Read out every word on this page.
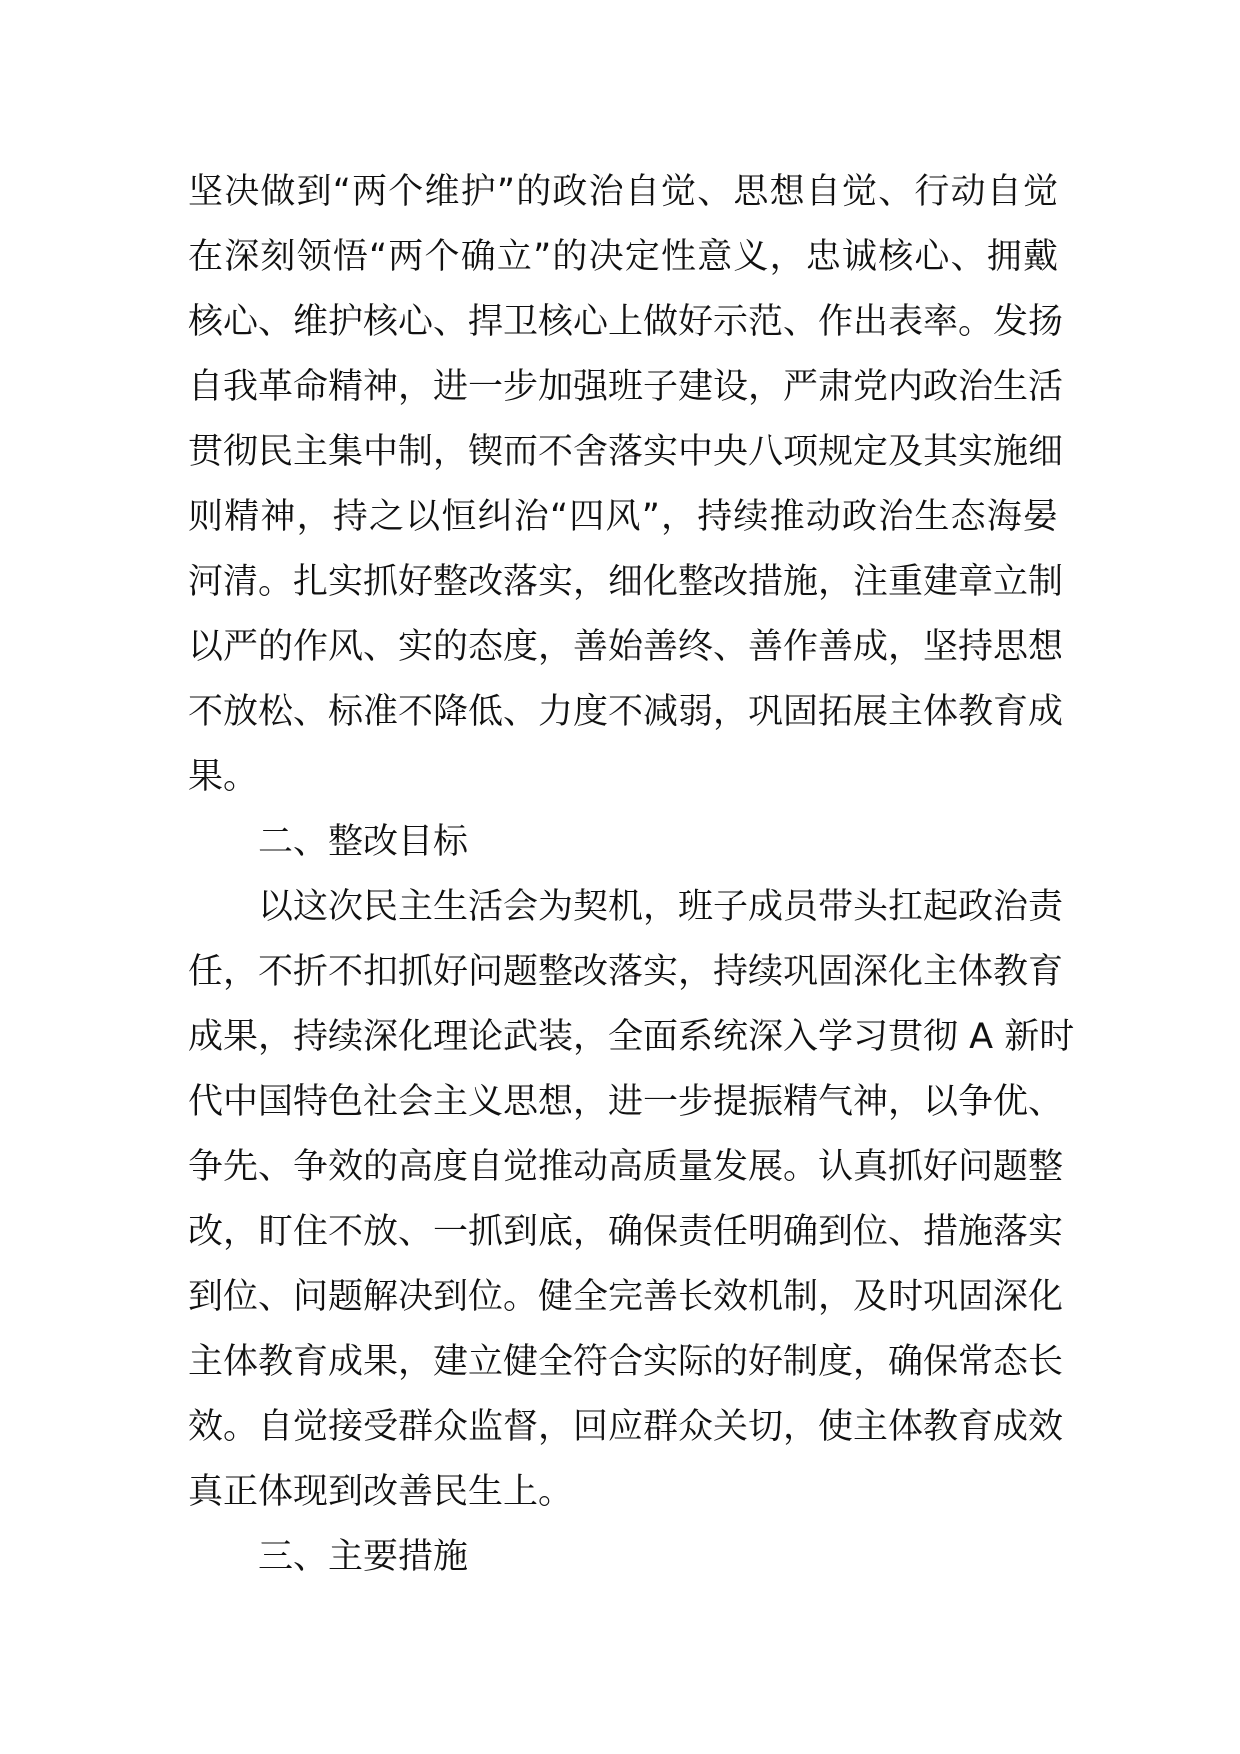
坚决做到“两个维护”的政治自觉、思想自觉、行动自觉
在深刻领悟“两个确立”的决定性意义，忠诚核心、拥戴
核心、维护核心、捍卫核心上做好示范、作出表率。发扬
自我革命精神，进一步加强班子建设，严肃党内政治生活
贯彻民主集中制，锲而不舍落实中央八项规定及其实施细
则精神，持之以恒纠治“四风”，持续推动政治生态海晏
河清。扎实抓好整改落实，细化整改措施，注重建章立制
以严的作风、实的态度，善始善终、善作善成，坚持思想
不放松、标准不降低、力度不减弱，巩固拓展主体教育成
果。
二、整改目标
以这次民主生活会为契机，班子成员带头扛起政治责
任，不折不扣抓好问题整改落实，持续巩固深化主体教育
成果，持续深化理论武装，全面系统深入学习贯彻 A 新时
代中国特色社会主义思想，进一步提振精气神，以争优、
争先、争效的高度自觉推动高质量发展。认真抓好问题整
改，盯住不放、一抓到底，确保责任明确到位、措施落实
到位、问题解决到位。健全完善长效机制，及时巩固深化
主体教育成果，建立健全符合实际的好制度，确保常态长
效。自觉接受群众监督，回应群众关切，使主体教育成效
真正体现到改善民生上。
三、主要措施
